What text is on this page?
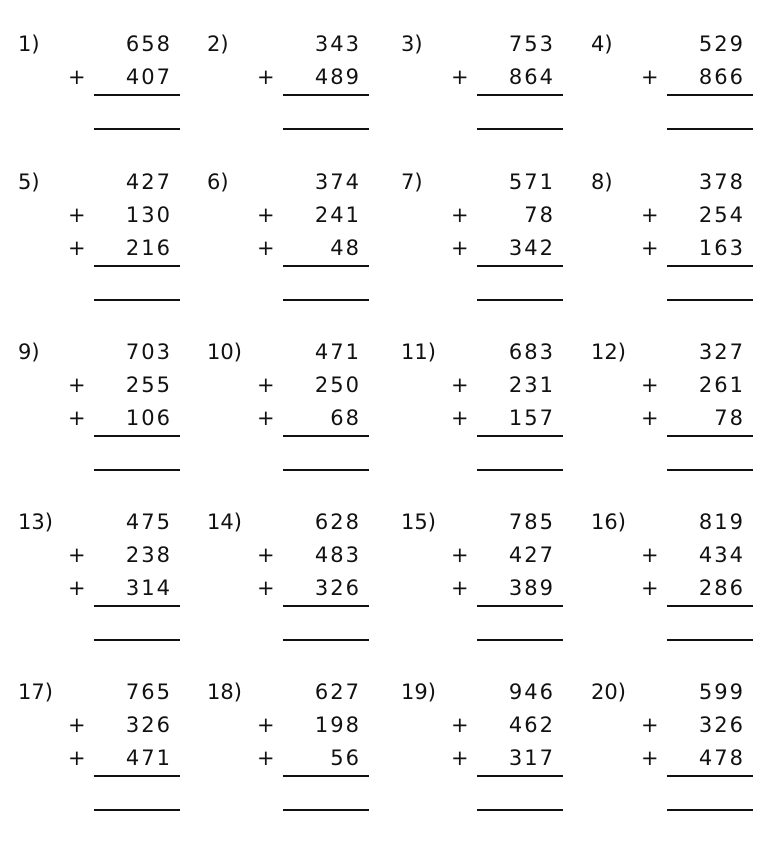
1)	658
+	407
2)	343
+	489
3)	753
+	864
4)	529
+	866
5)	427
+	130
+	216
6)	374
+	241
+	48
7)	571
+	78
+	342
8)	378
+	254
+	163
9)	703
+	255
+	106
10)	471
+	250
+	68
11)	683
+	231
+	157
12)	327
+	261
+	78
13)	475
+	238
+	314
14)	628
+	483
+	326
15)	785
+	427
+	389
16)	819
+	434
+	286
17)	765
+	326
+	471
18)	627
+	198
+	56
19)	946
+	462
+	317
20)	599
+	326
+	478
